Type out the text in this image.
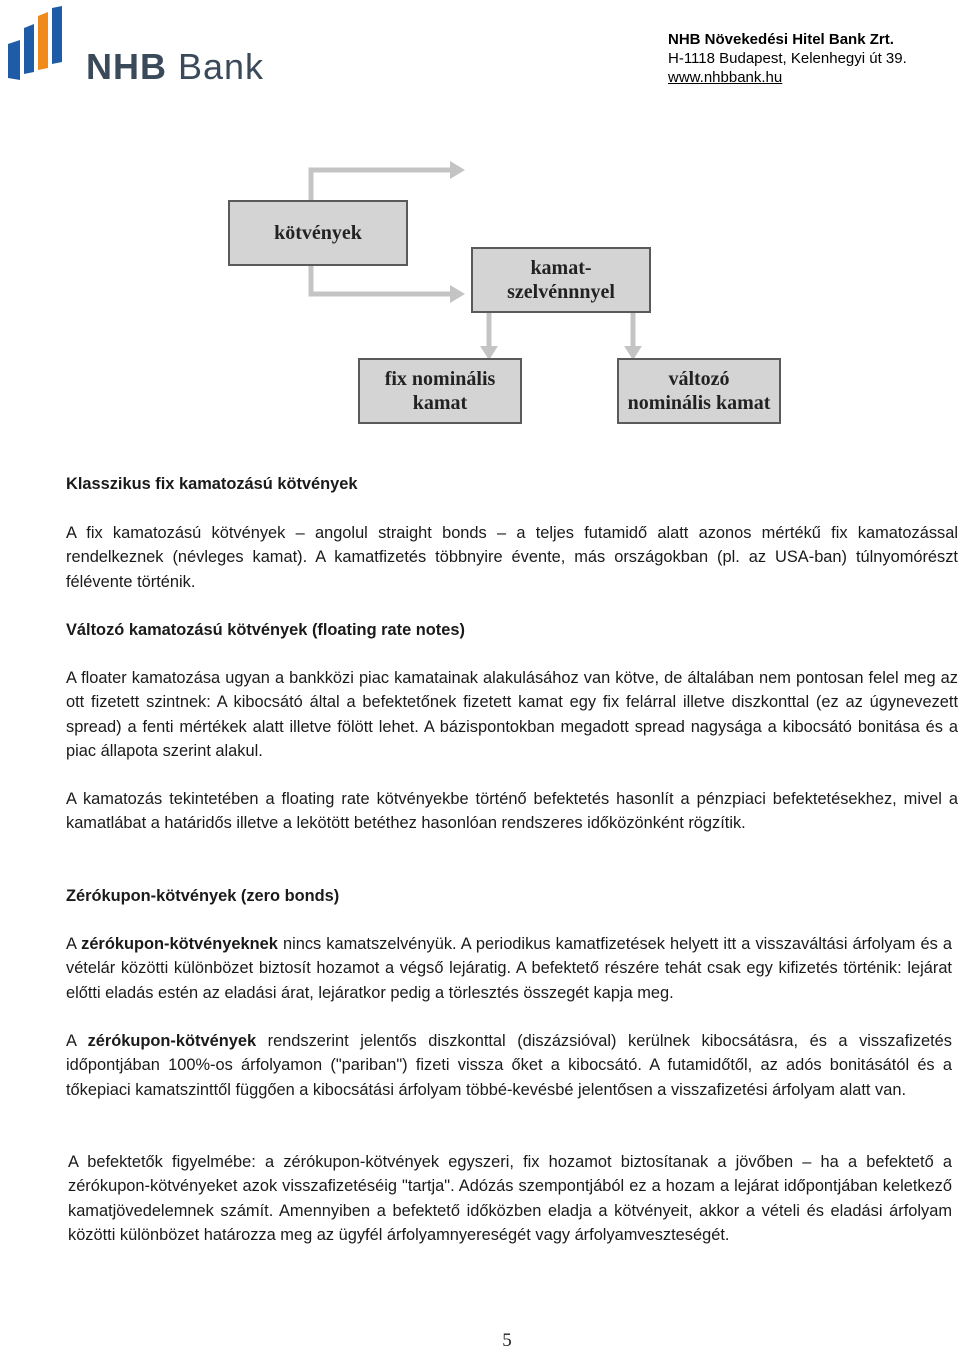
NHB Bank
NHB Növekedési Hitel Bank Zrt.
H-1118 Budapest, Kelenhegyi út 39.
www.nhbbank.hu
kötvények
kamat-
szelvénnnyel
fix nominális
kamat
változó
nominális kamat
Klasszikus fix kamatozású kötvények
A fix kamatozású kötvények – angolul straight bonds – a teljes futamidő alatt azonos mértékű fix kamatozással rendelkeznek (névleges kamat). A kamatfizetés többnyire évente, más országokban (pl. az USA-ban) túlnyomórészt félévente történik.
Változó kamatozású kötvények (floating rate notes)
A floater kamatozása ugyan a bankközi piac kamatainak alakulásához van kötve, de általában nem pontosan felel meg az ott fizetett szintnek: A kibocsátó által a befektetőnek fizetett kamat egy fix felárral illetve diszkonttal (ez az úgynevezett spread) a fenti mértékek alatt illetve fölött lehet. A bázispontokban megadott spread nagysága a kibocsátó bonitása és a piac állapota szerint alakul.
A kamatozás tekintetében a floating rate kötvényekbe történő befektetés hasonlít a pénzpiaci befektetésekhez, mivel a kamatlábat a határidős illetve a lekötött betéthez hasonlóan rendszeres időközönként rögzítik.
Zérókupon-kötvények (zero bonds)
A zérókupon-kötvényeknek nincs kamatszelvényük. A periodikus kamatfizetések helyett itt a visszaváltási árfolyam és a vételár közötti különbözet biztosít hozamot a végső lejáratig. A befektető részére tehát csak egy kifizetés történik: lejárat előtti eladás estén az eladási árat, lejáratkor pedig a törlesztés összegét kapja meg.
A zérókupon-kötvények rendszerint jelentős diszkonttal (diszázsióval) kerülnek kibocsátásra, és a visszafizetés időpontjában 100%-os árfolyamon ("pariban") fizeti vissza őket a kibocsátó. A futamidőtől, az adós bonitásától és a tőkepiaci kamatszinttől függően a kibocsátási árfolyam többé-kevésbé jelentősen a visszafizetési árfolyam alatt van.
A befektetők figyelmébe: a zérókupon-kötvények egyszeri, fix hozamot biztosítanak a jövőben – ha a befektető a zérókupon-kötvényeket azok visszafizetéséig "tartja". Adózás szempontjából ez a hozam a lejárat időpontjában keletkező kamatjövedelemnek számít. Amennyiben a befektető időközben eladja a kötvényeit, akkor a vételi és eladási árfolyam közötti különbözet határozza meg az ügyfél árfolyamnyereségét vagy árfolyamveszteségét.
5
